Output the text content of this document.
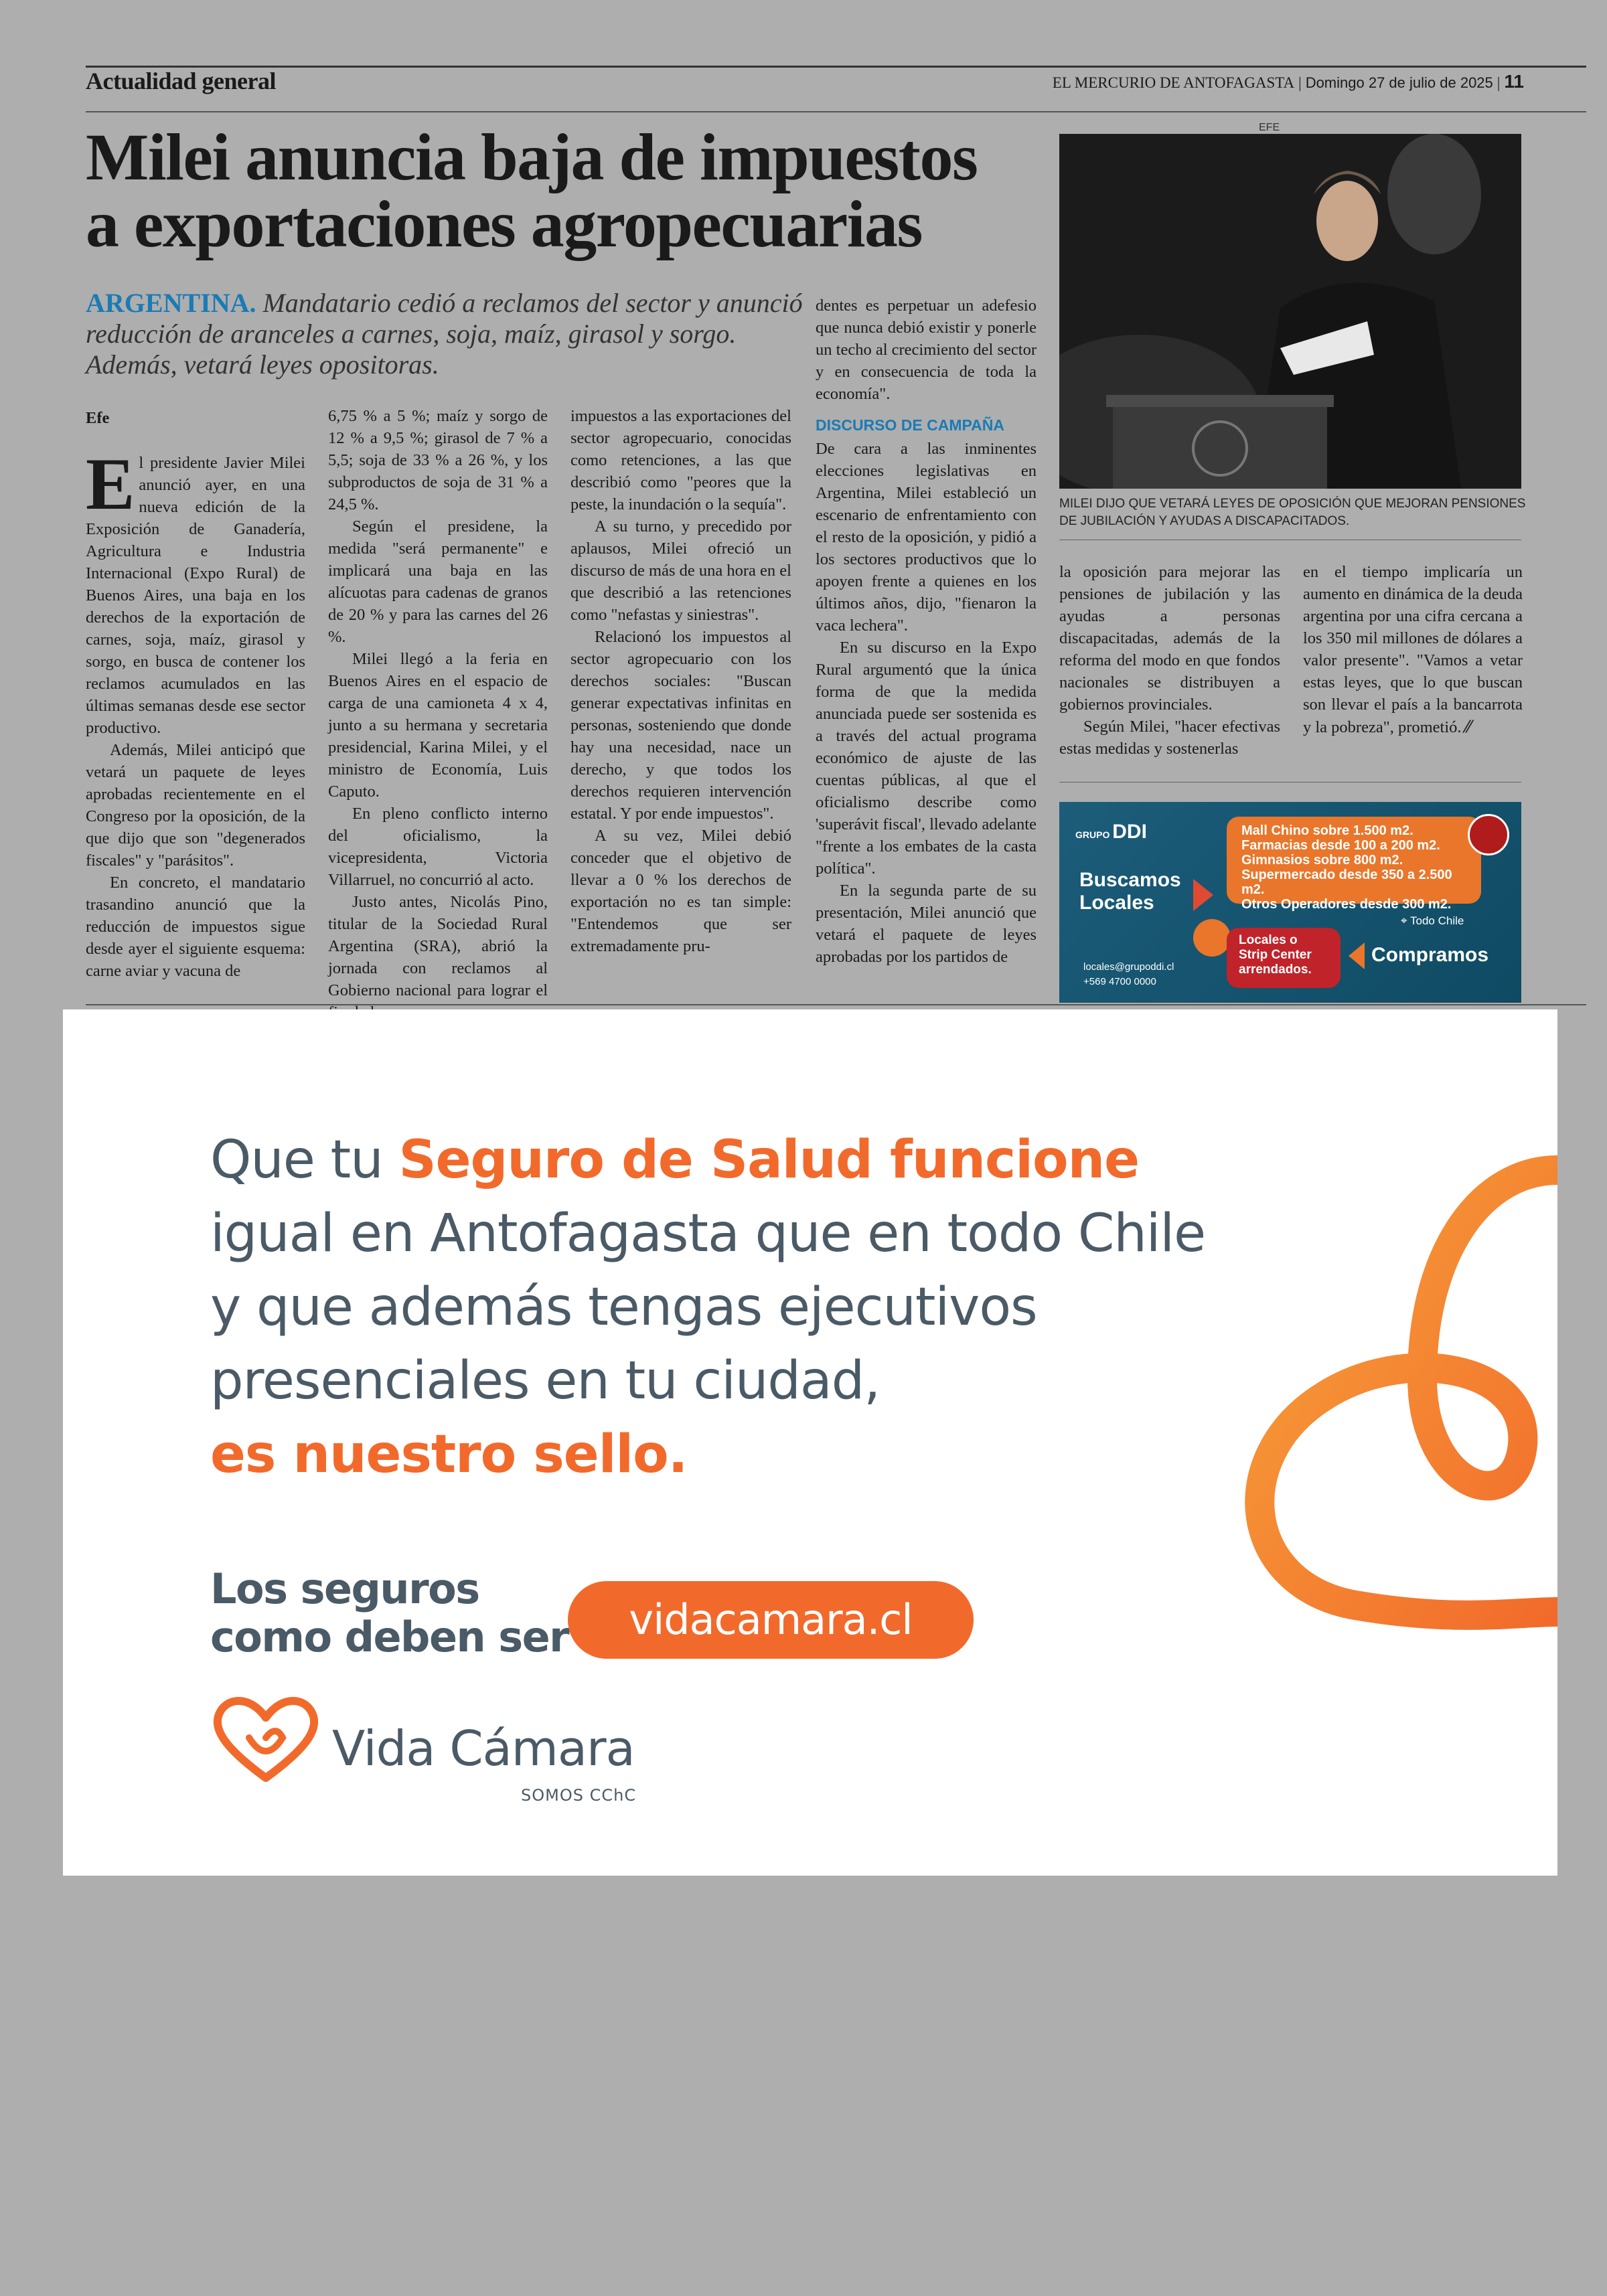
Actualidad general	EL MERCURIO DE ANTOFAGASTA | Domingo 27 de julio de 2025 | 11
Milei anuncia baja de impuestos
a exportaciones agropecuarias
ARGENTINA. Mandatario cedió a reclamos del sector y anunció reducción de aranceles a carnes, soja, maíz, girasol y sorgo. Además, vetará leyes opositoras.

Efe

El presidente Javier Milei anunció ayer, en una nueva edición de la Exposición de Ganadería, Agricultura e Industria Internacional (Expo Rural) de Buenos Aires, una baja en los derechos de la exportación de carnes, soja, maíz, girasol y sorgo, en busca de contener los reclamos acumulados en las últimas semanas desde ese sector productivo.

Además, Milei anticipó que vetará un paquete de leyes aprobadas recientemente en el Congreso por la oposición, de la que dijo que son "degenerados fiscales" y "parásitos".

En concreto, el mandatario trasandino anunció que la reducción de impuestos sigue desde ayer el siguiente esquema: carne aviar y vacuna de

6,75 % a 5 %; maíz y sorgo de 12 % a 9,5 %; girasol de 7 % a 5,5; soja de 33 % a 26 %, y los subproductos de soja de 31 % a 24,5 %.

Según el presidene, la medida "será permanente" e implicará una baja en las alícuotas para cadenas de granos de 20 % y para las carnes del 26 %.

Milei llegó a la feria en Buenos Aires en el espacio de carga de una camioneta 4 x 4, junto a su hermana y secretaria presidencial, Karina Milei, y el ministro de Economía, Luis Caputo.

En pleno conflicto interno del oficialismo, la vicepresidenta, Victoria Villarruel, no concurrió al acto.

Justo antes, Nicolás Pino, titular de la Sociedad Rural Argentina (SRA), abrió la jornada con reclamos al Gobierno nacional para lograr el

impuestos a las exportaciones del sector agropecuario, conocidas como retenciones, a las que describió como "peores que la peste, la inundación o la sequía".

A su turno, y precedido por aplausos, Milei ofreció un discurso de más de una hora en el que describió a las retenciones como "nefastas y siniestras".

Relacionó los impuestos al sector agropecuario con los derechos sociales: "Buscan generar expectativas infinitas en personas, sosteniendo que donde hay una necesidad, nace un derecho, y que todos los derechos requieren intervención estatal. Y por ende impuestos".

A su vez, Milei debió conceder que el objetivo de llevar a 0 % los derechos de exportación no es tan simple: "Entendemos que ser extremadamente pru-

dentes es perpetuar un adefesio que nunca debió existir y ponerle un techo al crecimiento del sector y en consecuencia de toda la economía".

DISCURSO DE CAMPAÑA

De cara a las inminentes elecciones legislativas en Argentina, Milei estableció un escenario de enfrentamiento con el resto de la oposición, y pidió a los sectores productivos que lo apoyen frente a quienes en los últimos años, dijo, "fienaron la vaca lechera".

En su discurso en la Expo Rural argumentó que la única forma de que la medida anunciada puede ser sostenida es a través del actual programa económico de ajuste de las cuentas públicas, al que el oficialismo describe como 'superávit fiscal', llevado adelante "frente a los embates de la casta política".

En la segunda parte de su presentación, Milei anunció que vetará el paquete de leyes aprobadas por los partidos de

EFE
MILEI DIJO QUE VETARÁ LEYES DE OPOSICIÓN QUE MEJORAN PENSIONES DE JUBILACIÓN Y AYUDAS A DISCAPACITADOS.

la oposición para mejorar las pensiones de jubilación y las ayudas a personas discapacitadas, además de la reforma del modo en que fondos nacionales se distribuyen a gobiernos provinciales.

Según Milei, "hacer efectivas estas medidas y sostenerlas

en el tiempo implicaría un aumento en dinámica de la deuda argentina por una cifra cercana a los 350 mil millones de dólares a valor presente". "Vamos a vetar estas leyes, que lo que buscan son llevar el país a la bancarrota y la pobreza", prometió. ⁄⁄

GRUPO DDI
Buscamos Locales
Mall Chino sobre 1.500 m2.
Farmacias desde 100 a 200 m2.
Gimnasios sobre 800 m2.
Supermercado desde 350 a 2.500 m2.
Otros Operadores desde 300 m2.
⌖ Todo Chile
Locales o Strip Center arrendados.
Compramos
locales@grupoddi.cl
+569 4700 0000
Que tu Seguro de Salud funcione
igual en Antofagasta que en todo Chile
y que además tengas ejecutivos
presenciales en tu ciudad,
es nuestro sello.
Los seguros
como deben ser	vidacamara.cl
Vida Cámara
SOMOS CChC
